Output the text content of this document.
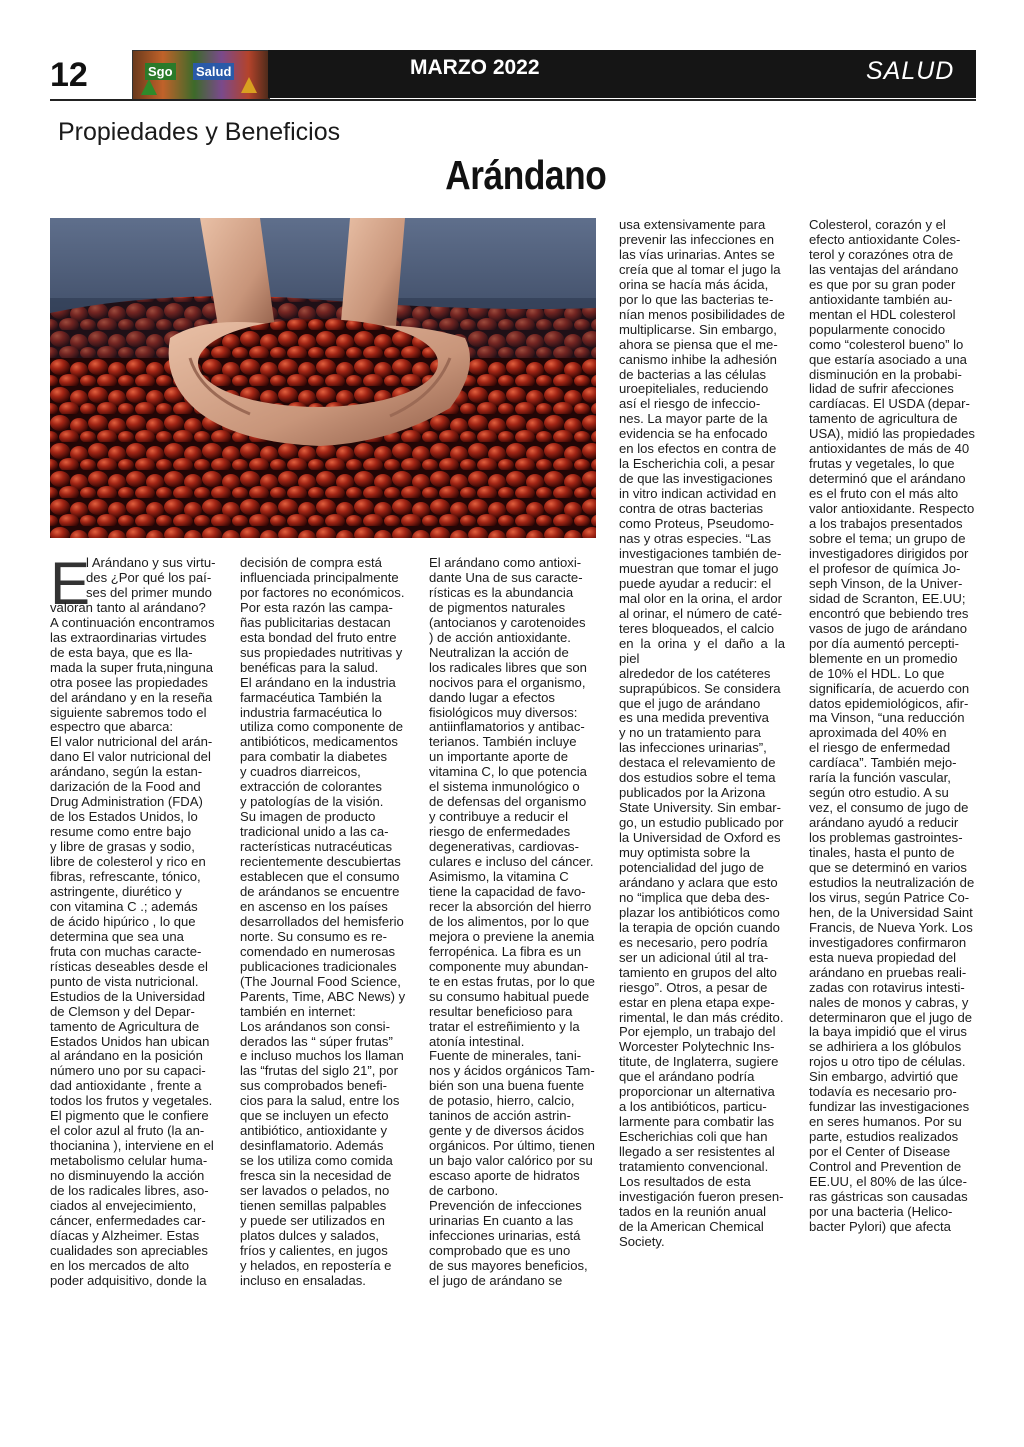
12	Sgo Salud	MARZO 2022	SALUD
Propiedades y Beneficios
Arándano
E

l Arándano y sus virtu-
des ¿Por qué los paí-
ses del primer mundo
valoran tanto al arándano?
A continuación encontramos
las extraordinarias virtudes
de esta baya, que es lla-
mada la super fruta,ninguna
otra posee las propiedades
del arándano y en la reseña
siguiente sabremos todo el
espectro que abarca:
El valor nutricional del arán-
dano El valor nutricional del
arándano, según la estan-
darización de la Food and
Drug Administration (FDA)
de los Estados Unidos, lo
resume como entre bajo
y libre de grasas y sodio,
libre de colesterol y rico en
fibras, refrescante, tónico,
astringente, diurético y
con vitamina C .; además
de ácido hipúrico , lo que
determina que sea una
fruta con muchas caracte-
rísticas deseables desde el
punto de vista nutricional.
Estudios de la Universidad
de Clemson y del Depar-
tamento de Agricultura de
Estados Unidos han ubican
al arándano en la posición
número uno por su capaci-
dad antioxidante , frente a
todos los frutos y vegetales.
El pigmento que le confiere
el color azul al fruto (la an-
thocianina ), interviene en el
metabolismo celular huma-
no disminuyendo la acción
de los radicales libres, aso-
ciados al envejecimiento,
cáncer, enfermedades car-
díacas y Alzheimer. Estas
cualidades son apreciables
en los mercados de alto
poder adquisitivo, donde la

decisión de compra está
influenciada principalmente
por factores no económicos.
Por esta razón las campa-
ñas publicitarias destacan
esta bondad del fruto entre
sus propiedades nutritivas y
benéficas para la salud.
El arándano en la industria
farmacéutica También la
industria farmacéutica lo
utiliza como componente de
antibióticos, medicamentos
para combatir la diabetes
y cuadros diarreicos,
extracción de colorantes
y patologías de la visión.
Su imagen de producto
tradicional unido a las ca-
racterísticas nutracéuticas
recientemente descubiertas
establecen que el consumo
de arándanos se encuentre
en ascenso en los países
desarrollados del hemisferio
norte. Su consumo es re-
comendado en numerosas
publicaciones tradicionales
(The Journal Food Science,
Parents, Time, ABC News) y
también en internet:
Los arándanos son consi-
derados las “ súper frutas”
e incluso muchos los llaman
las “frutas del siglo 21”, por
sus comprobados benefi-
cios para la salud, entre los
que se incluyen un efecto
antibiótico, antioxidante y
desinflamatorio. Además
se los utiliza como comida
fresca sin la necesidad de
ser lavados o pelados, no
tienen semillas palpables
y puede ser utilizados en
platos dulces y salados,
fríos y calientes, en jugos
y helados, en repostería e
incluso en ensaladas.

El arándano como antioxi-
dante Una de sus caracte-
rísticas es la abundancia
de pigmentos naturales
(antocianos y carotenoides
) de acción antioxidante.
Neutralizan la acción de
los radicales libres que son
nocivos para el organismo,
dando lugar a efectos
fisiológicos muy diversos:
antiinflamatorios y antibac-
terianos. También incluye
un importante aporte de
vitamina C, lo que potencia
el sistema inmunológico o
de defensas del organismo
y contribuye a reducir el
riesgo de enfermedades
degenerativas, cardiovas-
culares e incluso del cáncer.
Asimismo, la vitamina C
tiene la capacidad de favo-
recer la absorción del hierro
de los alimentos, por lo que
mejora o previene la anemia
ferropénica. La fibra es un
componente muy abundan-
te en estas frutas, por lo que
su consumo habitual puede
resultar beneficioso para
tratar el estreñimiento y la
atonía intestinal.
Fuente de minerales, tani-
nos y ácidos orgánicos Tam-
bién son una buena fuente
de potasio, hierro, calcio,
taninos de acción astrin-
gente y de diversos ácidos
orgánicos. Por último, tienen
un bajo valor calórico por su
escaso aporte de hidratos
de carbono.
Prevención de infecciones
urinarias En cuanto a las
infecciones urinarias, está
comprobado que es uno
de sus mayores beneficios,
el jugo de arándano se

usa extensivamente para
prevenir las infecciones en
las vías urinarias. Antes se
creía que al tomar el jugo la
orina se hacía más ácida,
por lo que las bacterias te-
nían menos posibilidades de
multiplicarse. Sin embargo,
ahora se piensa que el me-
canismo inhibe la adhesión
de bacterias a las células
uroepiteliales, reduciendo
así el riesgo de infeccio-
nes. La mayor parte de la
evidencia se ha enfocado
en los efectos en contra de
la Escherichia coli, a pesar
de que las investigaciones
in vitro indican actividad en
contra de otras bacterias
como Proteus, Pseudomo-
nas y otras especies. “Las
investigaciones también de-
muestran que tomar el jugo
puede ayudar a reducir: el
mal olor en la orina, el ardor
al orinar, el número de caté-
teres bloqueados, el calcio
en la orina y el daño a la piel
alrededor de los catéteres
suprapúbicos. Se considera
que el jugo de arándano
es una medida preventiva
y no un tratamiento para
las infecciones urinarias”,
destaca el relevamiento de
dos estudios sobre el tema
publicados por la Arizona
State University. Sin embar-
go, un estudio publicado por
la Universidad de Oxford es
muy optimista sobre la
potencialidad del jugo de
arándano y aclara que esto
no “implica que deba des-
plazar los antibióticos como
la terapia de opción cuando
es necesario, pero podría
ser un adicional útil al tra-
tamiento en grupos del alto
riesgo”. Otros, a pesar de
estar en plena etapa expe-
rimental, le dan más crédito.
Por ejemplo, un trabajo del
Worcester Polytechnic Ins-
titute, de Inglaterra, sugiere
que el arándano podría
proporcionar un alternativa
a los antibióticos, particu-
larmente para combatir las
Escherichias coli que han
llegado a ser resistentes al
tratamiento convencional.
Los resultados de esta
investigación fueron presen-
tados en la reunión anual
de la American Chemical
Society.

Colesterol, corazón y el
efecto antioxidante Coles-
terol y corazónes otra de
las ventajas del arándano
es que por su gran poder
antioxidante también au-
mentan el HDL colesterol
popularmente conocido
como “colesterol bueno” lo
que estaría asociado a una
disminución en la probabi-
lidad de sufrir afecciones
cardíacas. El USDA (depar-
tamento de agricultura de
USA), midió las propiedades
antioxidantes de más de 40
frutas y vegetales, lo que
determinó que el arándano
es el fruto con el más alto
valor antioxidante. Respecto
a los trabajos presentados
sobre el tema; un grupo de
investigadores dirigidos por
el profesor de química Jo-
seph Vinson, de la Univer-
sidad de Scranton, EE.UU;
encontró que bebiendo tres
vasos de jugo de arándano
por día aumentó percepti-
blemente en un promedio
de 10% el HDL. Lo que
significaría, de acuerdo con
datos epidemiológicos, afir-
ma Vinson, “una reducción
aproximada del 40% en
el riesgo de enfermedad
cardíaca”. También mejo-
raría la función vascular,
según otro estudio. A su
vez, el consumo de jugo de
arándano ayudó a reducir
los problemas gastrointes-
tinales, hasta el punto de
que se determinó en varios
estudios la neutralización de
los virus, según Patrice Co-
hen, de la Universidad Saint
Francis, de Nueva York. Los
investigadores confirmaron
esta nueva propiedad del
arándano en pruebas reali-
zadas con rotavirus intesti-
nales de monos y cabras, y
determinaron que el jugo de
la baya impidió que el virus
se adhiriera a los glóbulos
rojos u otro tipo de células.
Sin embargo, advirtió que
todavía es necesario pro-
fundizar las investigaciones
en seres humanos. Por su
parte, estudios realizados
por el Center of Disease
Control and Prevention de
EE.UU, el 80% de las úlce-
ras gástricas son causadas
por una bacteria (Helico-
bacter Pylori) que afecta
